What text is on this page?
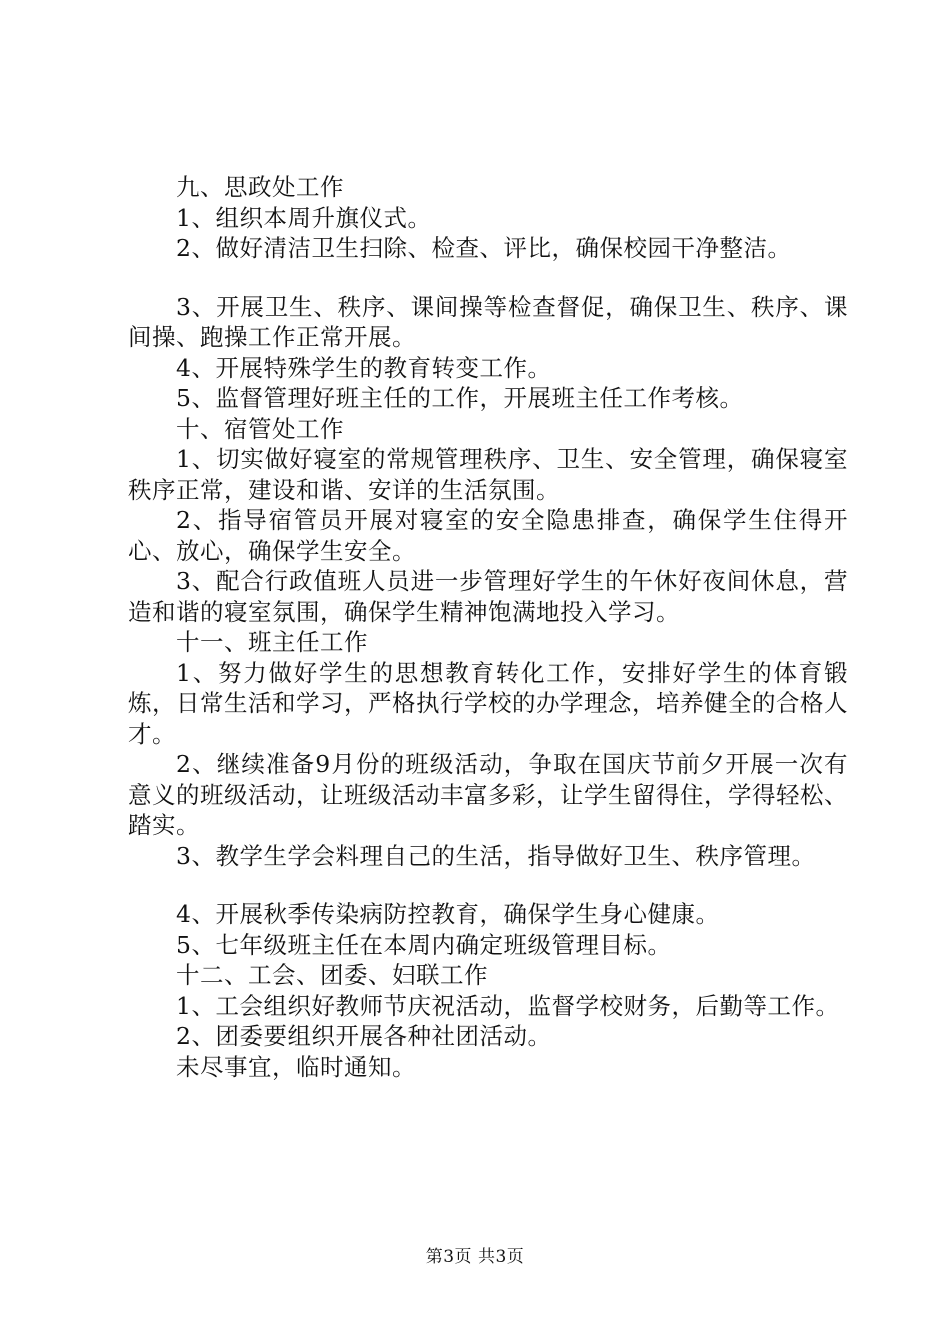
九、思政处工作

1、组织本周升旗仪式。

2、做好清洁卫生扫除、检查、评比，确保校园干净整洁。

3、开展卫生、秩序、课间操等检查督促，确保卫生、秩序、课间操、跑操工作正常开展。

4、开展特殊学生的教育转变工作。

5、监督管理好班主任的工作，开展班主任工作考核。

十、宿管处工作

1、切实做好寝室的常规管理秩序、卫生、安全管理，确保寝室秩序正常，建设和谐、安详的生活氛围。

2、指导宿管员开展对寝室的安全隐患排查，确保学生住得开心、放心，确保学生安全。

3、配合行政值班人员进一步管理好学生的午休好夜间休息，营造和谐的寝室氛围，确保学生精神饱满地投入学习。

十一、班主任工作

1、努力做好学生的思想教育转化工作，安排好学生的体育锻炼，日常生活和学习，严格执行学校的办学理念，培养健全的合格人才。

2、继续准备9月份的班级活动，争取在国庆节前夕开展一次有意义的班级活动，让班级活动丰富多彩，让学生留得住，学得轻松、踏实。

3、教学生学会料理自己的生活，指导做好卫生、秩序管理。

4、开展秋季传染病防控教育，确保学生身心健康。

5、七年级班主任在本周内确定班级管理目标。

十二、工会、团委、妇联工作

1、工会组织好教师节庆祝活动，监督学校财务，后勤等工作。

2、团委要组织开展各种社团活动。

未尽事宜，临时通知。

第3页 共3页
